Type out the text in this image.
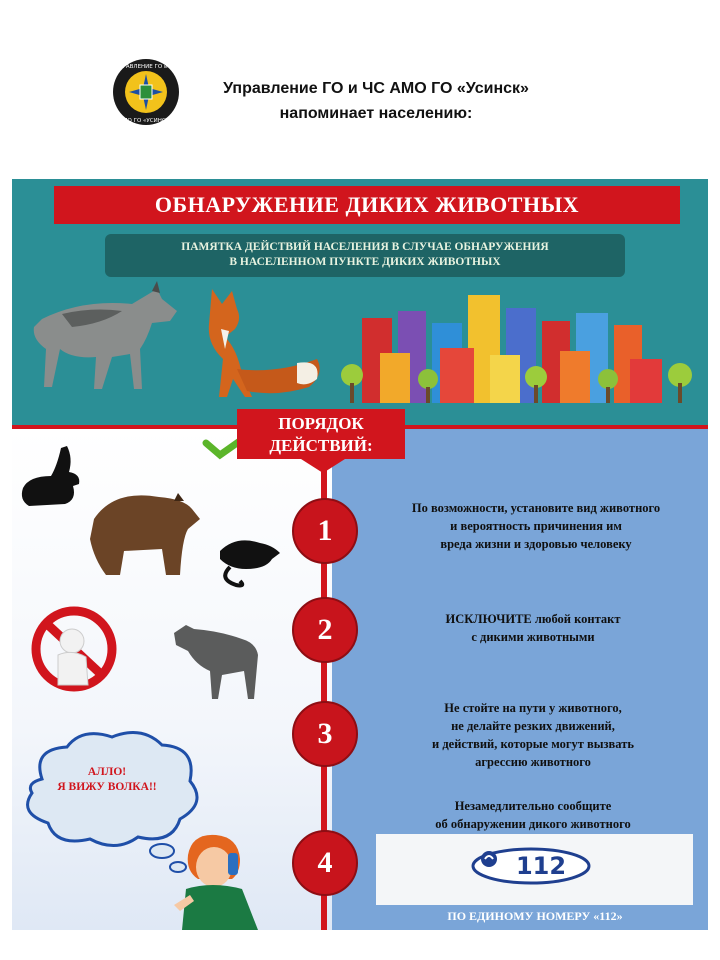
УПРАВЛЕНИЕ ГО и ЧС
АМО ГО «УСИНСК»
Управление ГО и ЧС АМО ГО «Усинск»
напоминает населению:
ОБНАРУЖЕНИЕ ДИКИХ ЖИВОТНЫХ
ПАМЯТКА ДЕЙСТВИЙ НАСЕЛЕНИЯ В СЛУЧАЕ ОБНАРУЖЕНИЯ
В НАСЕЛЕННОМ ПУНКТЕ ДИКИХ ЖИВОТНЫХ
ПОРЯДОК
ДЕЙСТВИЙ:
АЛЛО!
Я ВИЖУ ВОЛКА!!
1
2
3
4
По возможности, установите вид животного
и вероятность причинения им
вреда жизни и здоровью человеку
ИСКЛЮЧИТЕ любой контакт
с дикими животными
Не стойте на пути у животного,
не делайте резких движений,
и действий, которые могут вызвать
агрессию животного
Незамедлительно сообщите
об обнаружении дикого животного
112
ПО ЕДИНОМУ НОМЕРУ «112»
